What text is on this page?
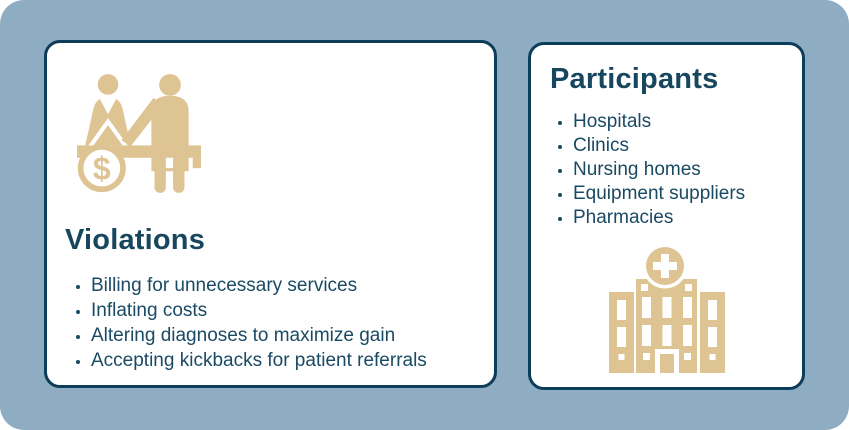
$
Violations
• Billing for unnecessary services
• Inflating costs
• Altering diagnoses to maximize gain
• Accepting kickbacks for patient referrals
Participants
• Hospitals
• Clinics
• Nursing homes
• Equipment suppliers
• Pharmacies
